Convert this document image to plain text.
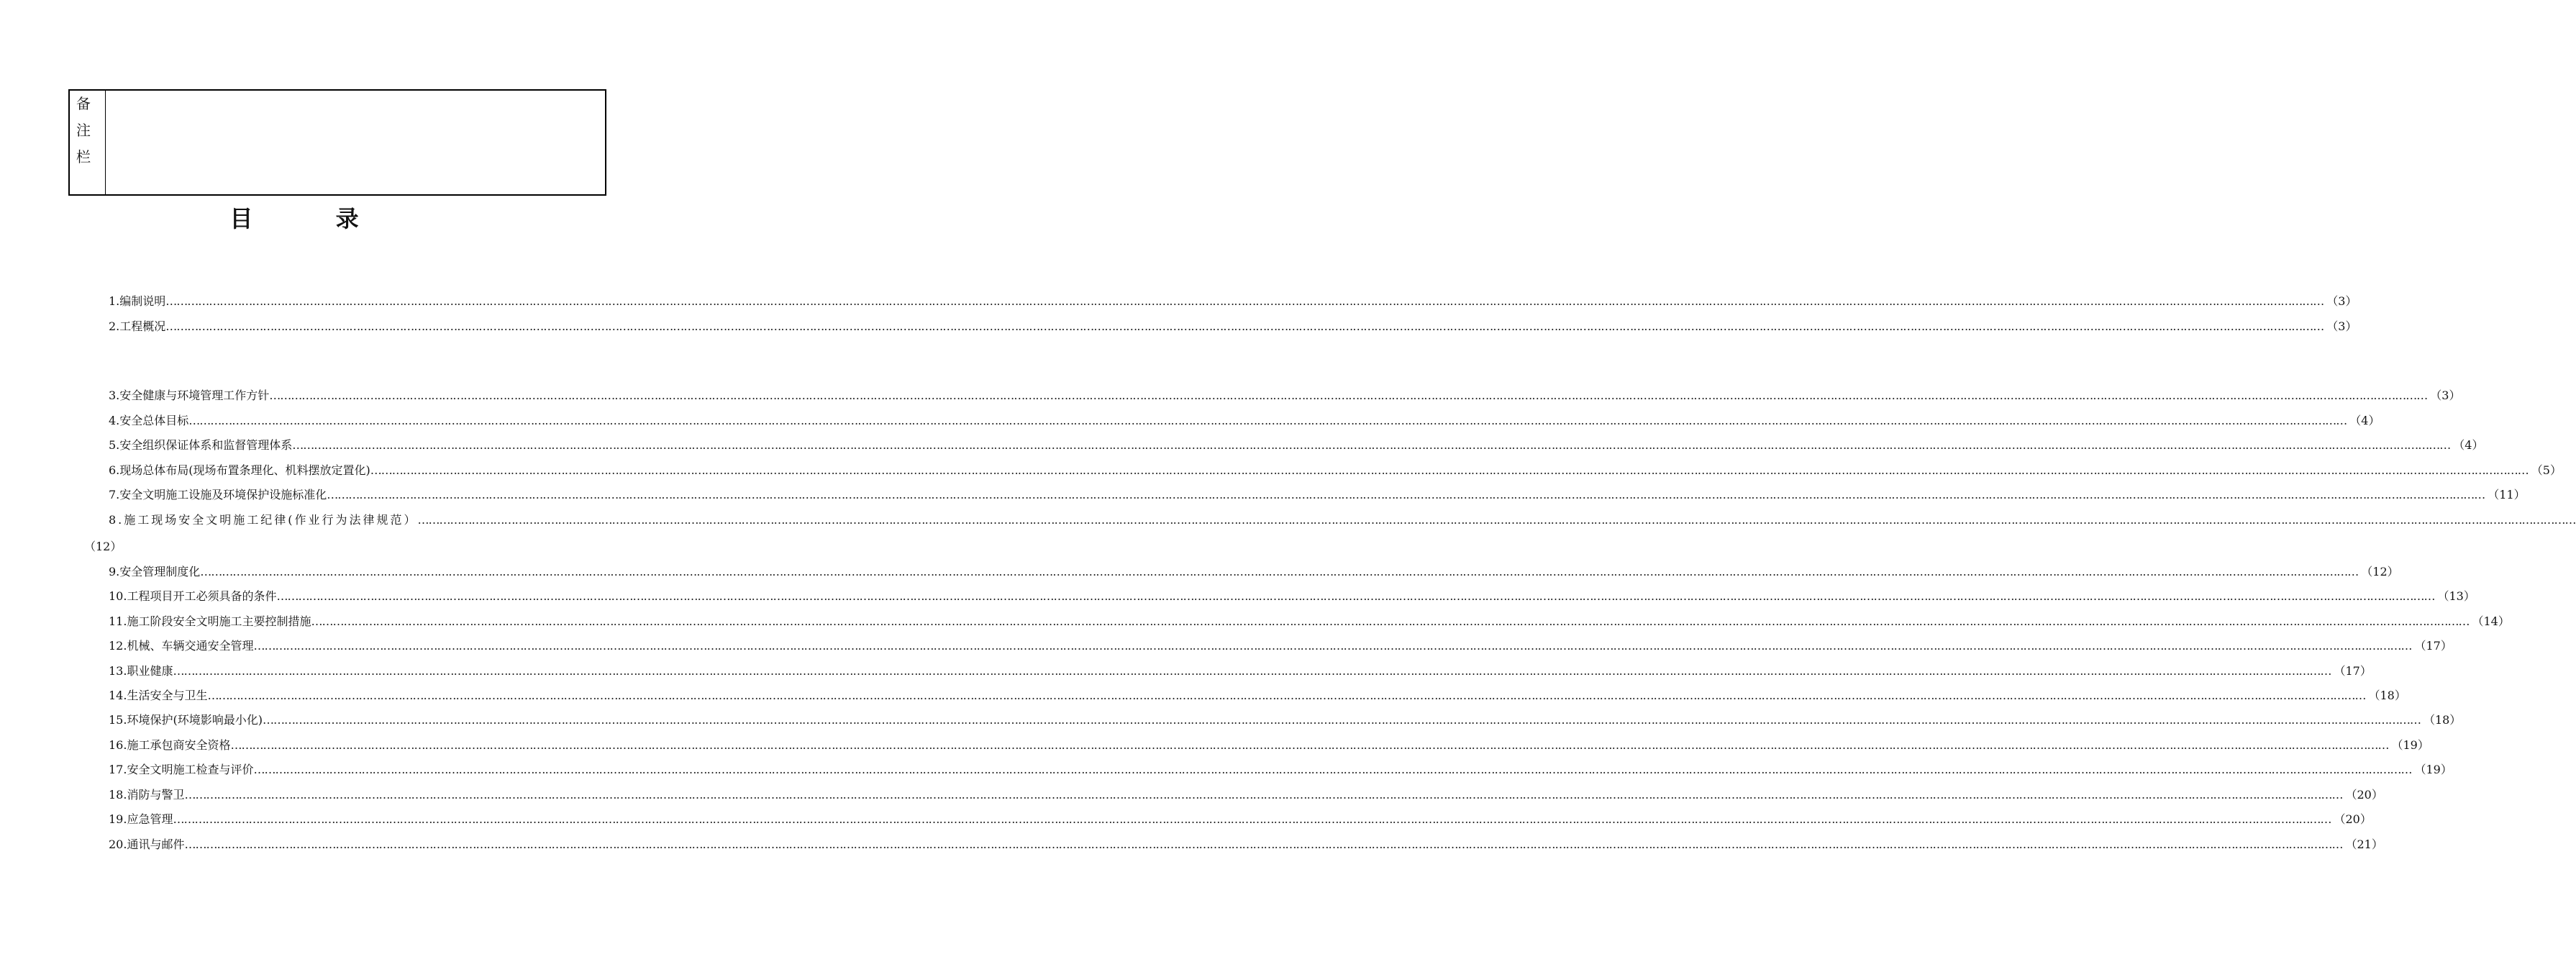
备
注
栏
目 录
1.编制说明 …………………………………………………………………………………………………………………………………………………………………………………………………………………………………………………………………………………………………………………………………………………………………………………………………………………………………………………………………………………………………………………………………………………… （3）
2.工程概况 …………………………………………………………………………………………………………………………………………………………………………………………………………………………………………………………………………………………………………………………………………………………………………………………………………………………………………………………………………………………………………………………………………………… （3）
3.安全健康与环境管理工作方针 …………………………………………………………………………………………………………………………………………………………………………………………………………………………………………………………………………………………………………………………………………………………………………………………………………………………………………………………………………………………………………………………………………………… （3）
4.安全总体目标 …………………………………………………………………………………………………………………………………………………………………………………………………………………………………………………………………………………………………………………………………………………………………………………………………………………………………………………………………………………………………………………………………………………… （4）
5.安全组织保证体系和监督管理体系 …………………………………………………………………………………………………………………………………………………………………………………………………………………………………………………………………………………………………………………………………………………………………………………………………………………………………………………………………………………………………………………………………………………… （4）
6.现场总体布局(现场布置条理化、机料摆放定置化) …………………………………………………………………………………………………………………………………………………………………………………………………………………………………………………………………………………………………………………………………………………………………………………………………………………………………………………………………………………………………………………………………………………… （5）
7.安全文明施工设施及环境保护设施标准化 …………………………………………………………………………………………………………………………………………………………………………………………………………………………………………………………………………………………………………………………………………………………………………………………………………………………………………………………………………………………………………………………………………………… （11）
8.施工现场安全文明施工纪律(作业行为法律规范） ……………………………………………………………………………………………………………………………………………………………………………………………………………………………………………………………………………………………………………………………………………………………………………………………………………………………………………………………………………………………………………………………………………………
（12）
9.安全管理制度化 …………………………………………………………………………………………………………………………………………………………………………………………………………………………………………………………………………………………………………………………………………………………………………………………………………………………………………………………………………………………………………………………………………………… （12）
10.工程项目开工必须具备的条件 …………………………………………………………………………………………………………………………………………………………………………………………………………………………………………………………………………………………………………………………………………………………………………………………………………………………………………………………………………………………………………………………………………………… （13）
11.施工阶段安全文明施工主要控制措施 …………………………………………………………………………………………………………………………………………………………………………………………………………………………………………………………………………………………………………………………………………………………………………………………………………………………………………………………………………………………………………………………………………………… （14）
12.机械、车辆交通安全管理 …………………………………………………………………………………………………………………………………………………………………………………………………………………………………………………………………………………………………………………………………………………………………………………………………………………………………………………………………………………………………………………………………………………… （17）
13.职业健康 …………………………………………………………………………………………………………………………………………………………………………………………………………………………………………………………………………………………………………………………………………………………………………………………………………………………………………………………………………………………………………………………………………………… （17）
14.生活安全与卫生 …………………………………………………………………………………………………………………………………………………………………………………………………………………………………………………………………………………………………………………………………………………………………………………………………………………………………………………………………………………………………………………………………………………… （18）
15.环境保护(环境影响最小化) …………………………………………………………………………………………………………………………………………………………………………………………………………………………………………………………………………………………………………………………………………………………………………………………………………………………………………………………………………………………………………………………………………………… （18）
16.施工承包商安全资格 …………………………………………………………………………………………………………………………………………………………………………………………………………………………………………………………………………………………………………………………………………………………………………………………………………………………………………………………………………………………………………………………………………………… （19）
17.安全文明施工检查与评价 …………………………………………………………………………………………………………………………………………………………………………………………………………………………………………………………………………………………………………………………………………………………………………………………………………………………………………………………………………………………………………………………………………………… （19）
18.消防与警卫 …………………………………………………………………………………………………………………………………………………………………………………………………………………………………………………………………………………………………………………………………………………………………………………………………………………………………………………………………………………………………………………………………………………… （20）
19.应急管理 …………………………………………………………………………………………………………………………………………………………………………………………………………………………………………………………………………………………………………………………………………………………………………………………………………………………………………………………………………………………………………………………………………………… （20）
20.通讯与邮件 …………………………………………………………………………………………………………………………………………………………………………………………………………………………………………………………………………………………………………………………………………………………………………………………………………………………………………………………………………………………………………………………………………………… （21）
